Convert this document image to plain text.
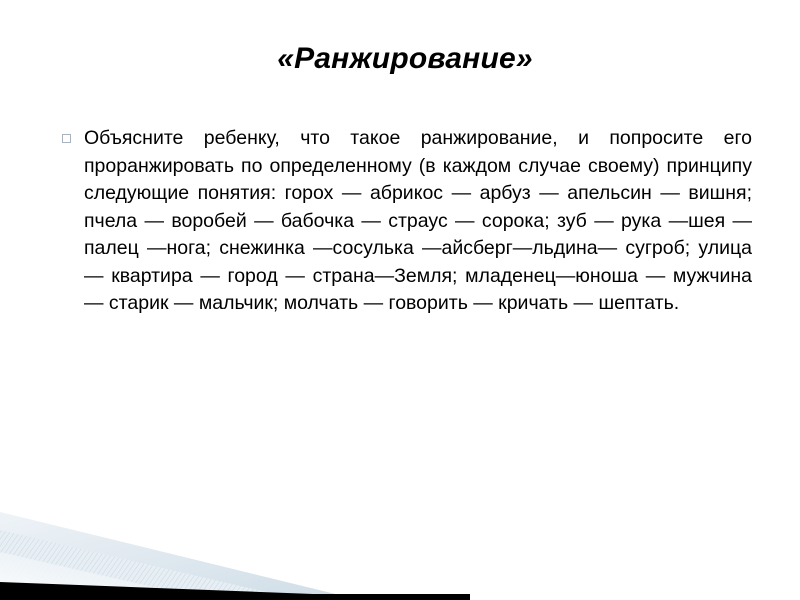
«Ранжирование»
Объясните ребенку, что такое ранжирование, и попросите его проранжировать по определенному (в каждом случае своему) принципу следующие понятия: горох — абрикос — арбуз — апельсин — вишня; пчела — воробей — бабочка — страус — сорока; зуб — рука —шея —палец —нога; снежинка —сосулька —айсберг—льдина— сугроб; улица — квартира — город — страна—Земля; младенец—юноша — мужчина — старик — мальчик; молчать — говорить — кричать — шептать.
